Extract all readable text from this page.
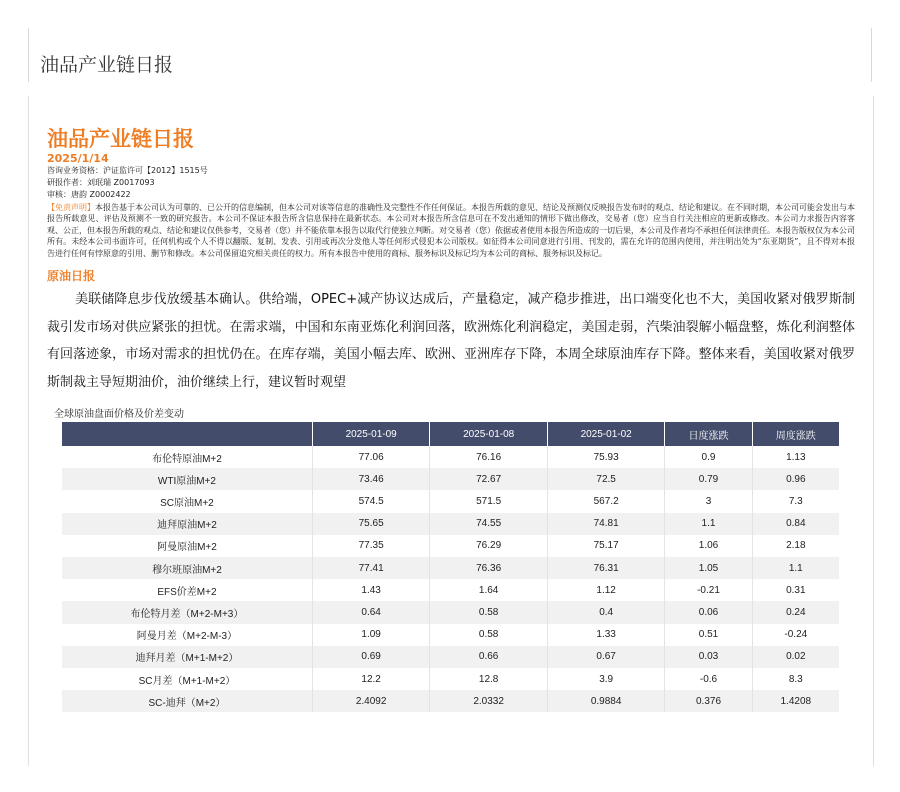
油品产业链日报
油品产业链日报
2025/1/14
咨询业务资格：沪证监许可【2012】1515号
研报作者：刘珉瑞 Z0017093
审核：唐韵 Z0002422
【免责声明】本报告基于本公司认为可靠的、已公开的信息编制，但本公司对该等信息的准确性及完整性不作任何保证。本报告所载的意见、结论及预测仅反映报告发布时的观点、结论和建议。在不同时期，本公司可能会发出与本报告所载意见、评估及预测不一致的研究报告。本公司不保证本报告所含信息保持在最新状态。本公司对本报告所含信息可在不发出通知的情形下做出修改，交易者（您）应当自行关注相应的更新或修改。本公司力求报告内容客观、公正，但本报告所载的观点、结论和建议仅供参考，交易者（您）并不能依靠本报告以取代行使独立判断。对交易者（您）依据或者使用本报告所造成的一切后果，本公司及作者均不承担任何法律责任。本报告版权仅为本公司所有。未经本公司书面许可，任何机构或个人不得以翻版、复制、发表、引用或再次分发他人等任何形式侵犯本公司版权。如征得本公司同意进行引用、刊发的，需在允许的范围内使用，并注明出处为“东亚期货”，且不得对本报告进行任何有悖原意的引用、删节和修改。本公司保留追究相关责任的权力。所有本报告中使用的商标、服务标识及标记均为本公司的商标、服务标识及标记。
原油日报
美联储降息步伐放缓基本确认。供给端，OPEC+减产协议达成后，产量稳定，减产稳步推进，出口端变化也不大，美国收紧对俄罗斯制裁引发市场对供应紧张的担忧。在需求端，中国和东南亚炼化利润回落，欧洲炼化利润稳定，美国走弱，汽柴油裂解小幅盘整，炼化利润整体有回落迹象，市场对需求的担忧仍在。在库存端，美国小幅去库、欧洲、亚洲库存下降，本周全球原油库存下降。整体来看，美国收紧对俄罗斯制裁主导短期油价，油价继续上行，建议暂时观望
全球原油盘面价格及价差变动
	2025-01-09	2025-01-08	2025-01-02	日度涨跌	周度涨跌
布伦特原油M+2	77.06	76.16	75.93	0.9	1.13
WTI原油M+2	73.46	72.67	72.5	0.79	0.96
SC原油M+2	574.5	571.5	567.2	3	7.3
迪拜原油M+2	75.65	74.55	74.81	1.1	0.84
阿曼原油M+2	77.35	76.29	75.17	1.06	2.18
穆尔班原油M+2	77.41	76.36	76.31	1.05	1.1
EFS价差M+2	1.43	1.64	1.12	-0.21	0.31
布伦特月差（M+2-M+3）	0.64	0.58	0.4	0.06	0.24
阿曼月差（M+2-M-3）	1.09	0.58	1.33	0.51	-0.24
迪拜月差（M+1-M+2）	0.69	0.66	0.67	0.03	0.02
SC月差（M+1-M+2）	12.2	12.8	3.9	-0.6	8.3
SC-迪拜（M+2）	2.4092	2.0332	0.9884	0.376	1.4208
